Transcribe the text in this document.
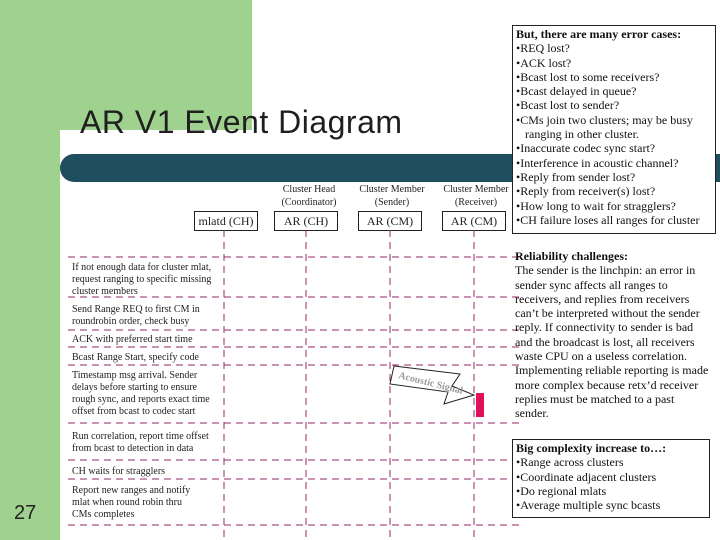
AR V1 Event Diagram
27
Cluster Head (Coordinator)
Cluster Member (Sender)
Cluster Member (Receiver)
mlatd (CH)	AR (CH)	AR (CM)	AR (CM)
Acoustic Signal
If not enough data for cluster mlat, request ranging to specific missing cluster members
Send Range REQ to first CM in roundrobin order, check busy
ACK with preferred start time
Bcast Range Start, specify code
Timestamp msg arrival. Sender delays before starting to ensure rough sync, and reports exact time offset from bcast to codec start
Run correlation, report time offset from bcast to detection in data
CH waits for stragglers
Report new ranges and notify mlat when round robin thru CMs completes
But, there are many error cases:
•REQ lost?
•ACK lost?
•Bcast lost to some receivers?
•Bcast delayed in queue?
•Bcast lost to sender?
•CMs join two clusters; may be busy
ranging in other cluster.
•Inaccurate codec sync start?
•Interference in acoustic channel?
•Reply from sender lost?
•Reply from receiver(s) lost?
•How long to wait for stragglers?
•CH failure loses all ranges for cluster
Reliability challenges:

The sender is the linchpin: an error in sender sync affects all ranges to receivers, and replies from receivers can’t be interpreted without the sender reply. If connectivity to sender is bad and the broadcast is lost, all receivers waste CPU on a useless correlation. Implementing reliable reporting is made more complex because retx’d receiver replies must be matched to a past sender.

Big complexity increase to…:
•Range across clusters
•Coordinate adjacent clusters
•Do regional mlats
•Average multiple sync bcasts
